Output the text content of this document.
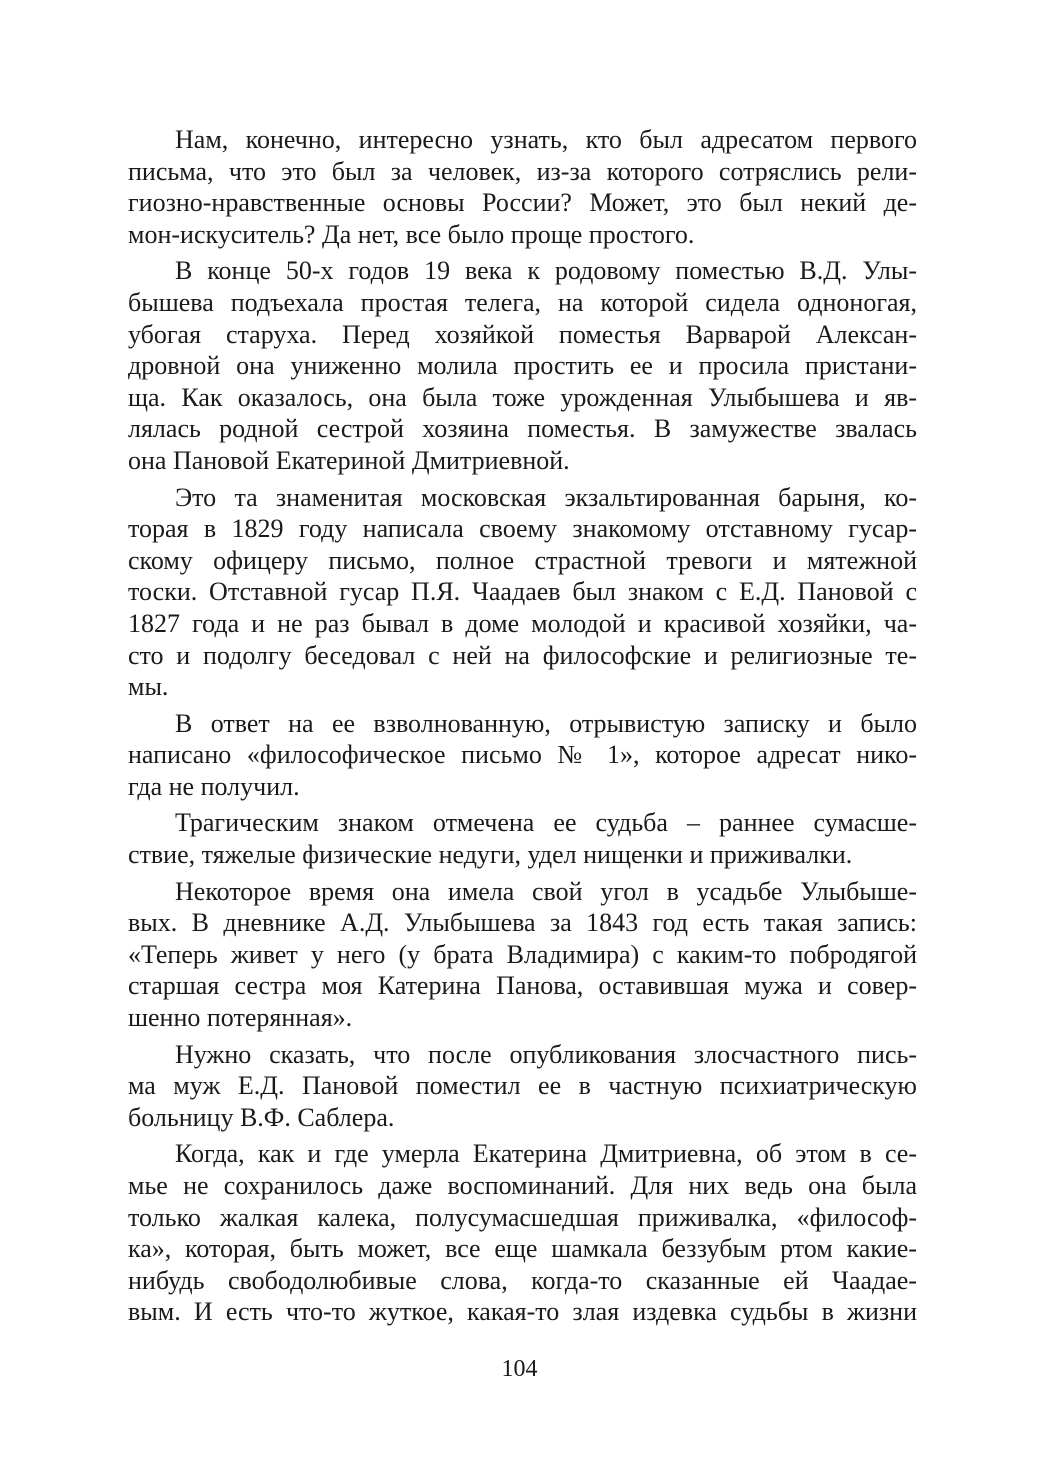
Нам, конечно, интересно узнать, кто был адресатом первого
письма, что это был за человек, из-за которого сотряслись рели-
гиозно-нравственные основы России? Может, это был некий де-
мон-искуситель? Да нет, все было проще простого.
В конце 50-х годов 19 века к родовому поместью В.Д. Улы-
бышева подъехала простая телега, на которой сидела одноногая,
убогая старуха. Перед хозяйкой поместья Варварой Алексан-
дровной она униженно молила простить ее и просила пристани-
ща. Как оказалось, она была тоже урожденная Улыбышева и яв-
лялась родной сестрой хозяина поместья. В замужестве звалась
она Пановой Екатериной Дмитриевной.
Это та знаменитая московская экзальтированная барыня, ко-
торая в 1829 году написала своему знакомому отставному гусар-
скому офицеру письмо, полное страстной тревоги и мятежной
тоски. Отставной гусар П.Я. Чаадаев был знаком с Е.Д. Пановой с
1827 года и не раз бывал в доме молодой и красивой хозяйки, ча-
сто и подолгу беседовал с ней на философские и религиозные те-
мы.
В ответ на ее взволнованную, отрывистую записку и было
написано «философическое письмо № 1», которое адресат нико-
гда не получил.
Трагическим знаком отмечена ее судьба – раннее сумасше-
ствие, тяжелые физические недуги, удел нищенки и приживалки.
Некоторое время она имела свой угол в усадьбе Улыбыше-
вых. В дневнике А.Д. Улыбышева за 1843 год есть такая запись:
«Теперь живет у него (у брата Владимира) с каким-то побродягой
старшая сестра моя Катерина Панова, оставившая мужа и совер-
шенно потерянная».
Нужно сказать, что после опубликования злосчастного пись-
ма муж Е.Д. Пановой поместил ее в частную психиатрическую
больницу В.Ф. Саблера.
Когда, как и где умерла Екатерина Дмитриевна, об этом в се-
мье не сохранилось даже воспоминаний. Для них ведь она была
только жалкая калека, полусумасшедшая приживалка, «философ-
ка», которая, быть может, все еще шамкала беззубым ртом какие-
нибудь свободолюбивые слова, когда-то сказанные ей Чаадае-
вым. И есть что-то жуткое, какая-то злая издевка судьбы в жизни
104
